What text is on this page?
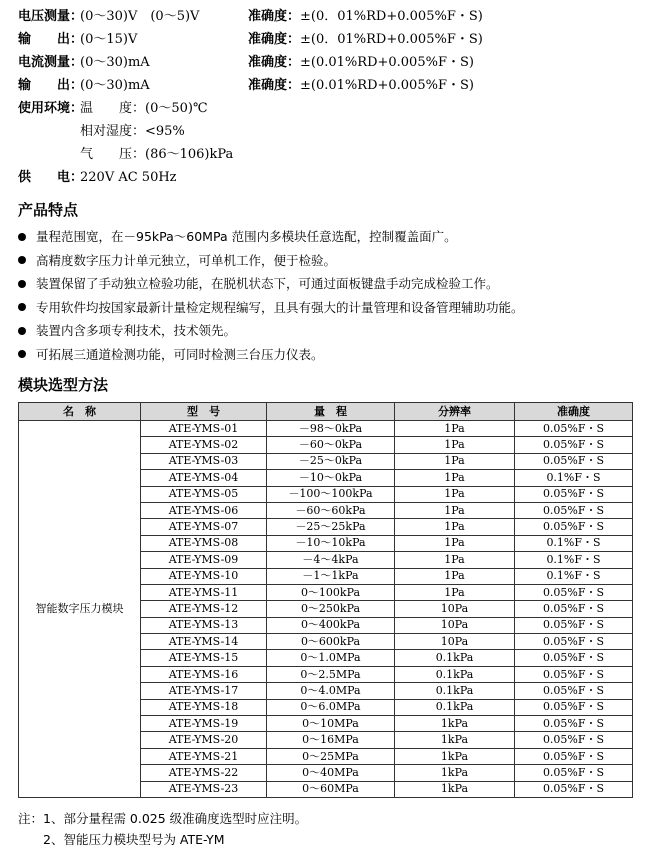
电压测量：
(0～30)V　(0～5)V	准确度：±(0．01%RD+0.005%F・S)
输　　出：
(0～15)V	准确度：±(0．01%RD+0.005%F・S)
电流测量：
(0～30)mA	准确度：±(0.01%RD+0.005%F・S)
输　　出：
(0～30)mA	准确度：±(0.01%RD+0.005%F・S)
使用环境：
温　　度：(0～50)℃
相对湿度：<95%
气　　压：(86～106)kPa
供　　电：
220V AC 50Hz
产品特点
量程范围宽，在－95kPa～60MPa 范围内多模块任意选配，控制覆盖面广。
高精度数字压力计单元独立，可单机工作，便于检验。
装置保留了手动独立检验功能，在脱机状态下，可通过面板键盘手动完成检验工作。
专用软件均按国家最新计量检定规程编写，且具有强大的计量管理和设备管理辅助功能。
装置内含多项专利技术，技术领先。
可拓展三通道检测功能，可同时检测三台压力仪表。
模块选型方法
名　称	型　号	量　程	分辨率	准确度
智能数字压力模块	ATE-YMS-01	－98～0kPa	1Pa	0.05%F・S
	ATE-YMS-02	－60～0kPa	1Pa	0.05%F・S
	ATE-YMS-03	－25～0kPa	1Pa	0.05%F・S
	ATE-YMS-04	－10～0kPa	1Pa	0.1%F・S
	ATE-YMS-05	－100～100kPa	1Pa	0.05%F・S
	ATE-YMS-06	－60～60kPa	1Pa	0.05%F・S
	ATE-YMS-07	－25～25kPa	1Pa	0.05%F・S
	ATE-YMS-08	－10～10kPa	1Pa	0.1%F・S
	ATE-YMS-09	－4～4kPa	1Pa	0.1%F・S
	ATE-YMS-10	－1～1kPa	1Pa	0.1%F・S
	ATE-YMS-11	0～100kPa	1Pa	0.05%F・S
	ATE-YMS-12	0～250kPa	10Pa	0.05%F・S
	ATE-YMS-13	0～400kPa	10Pa	0.05%F・S
	ATE-YMS-14	0～600kPa	10Pa	0.05%F・S
	ATE-YMS-15	0～1.0MPa	0.1kPa	0.05%F・S
	ATE-YMS-16	0～2.5MPa	0.1kPa	0.05%F・S
	ATE-YMS-17	0～4.0MPa	0.1kPa	0.05%F・S
	ATE-YMS-18	0～6.0MPa	0.1kPa	0.05%F・S
	ATE-YMS-19	0～10MPa	1kPa	0.05%F・S
	ATE-YMS-20	0～16MPa	1kPa	0.05%F・S
	ATE-YMS-21	0～25MPa	1kPa	0.05%F・S
	ATE-YMS-22	0～40MPa	1kPa	0.05%F・S
	ATE-YMS-23	0～60MPa	1kPa	0.05%F・S
注：1、部分量程需 0.025 级准确度选型时应注明。
　　2、智能压力模块型号为 ATE-YM
